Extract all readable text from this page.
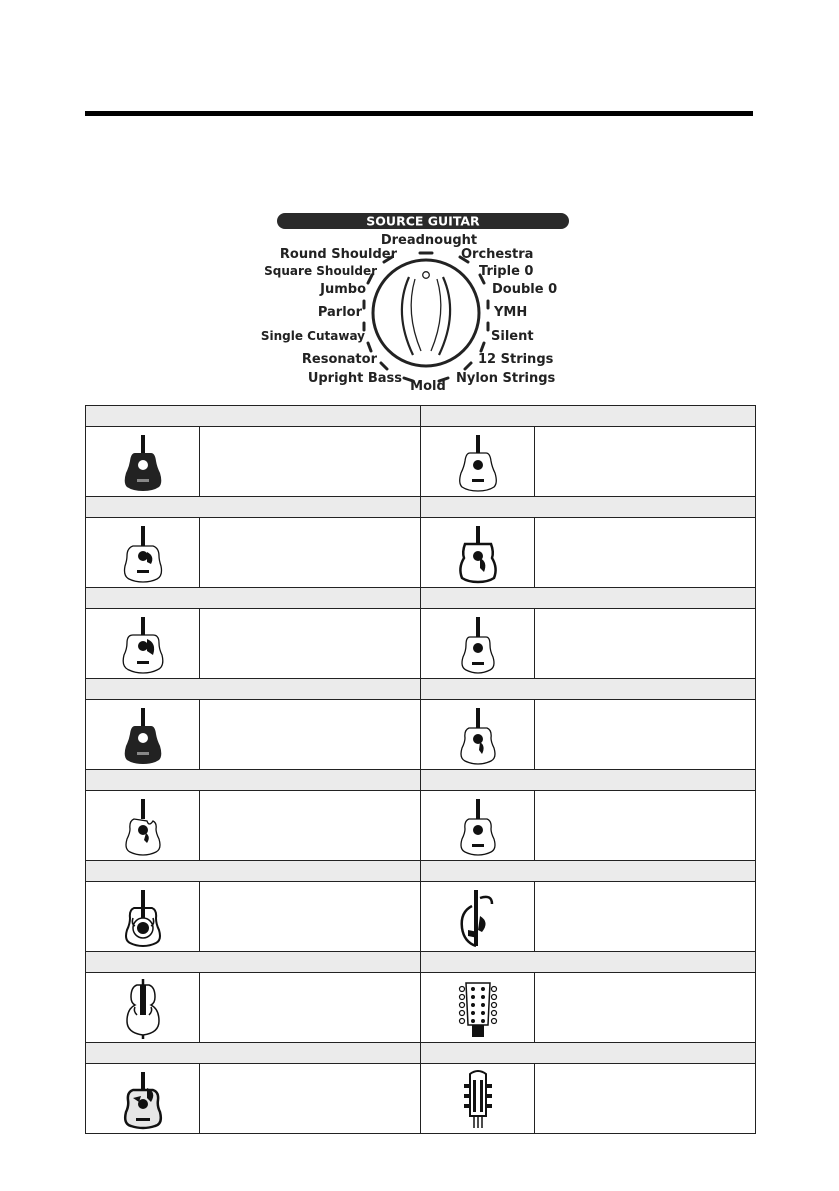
SOURCE GUITAR
Dreadnought
Orchestra
Triple 0
Double 0
YMH
Silent
12 Strings
Nylon Strings
Mold
Upright Bass
Resonator
Single Cutaway
Parlor
Jumbo
Square Shoulder
Round Shoulder
